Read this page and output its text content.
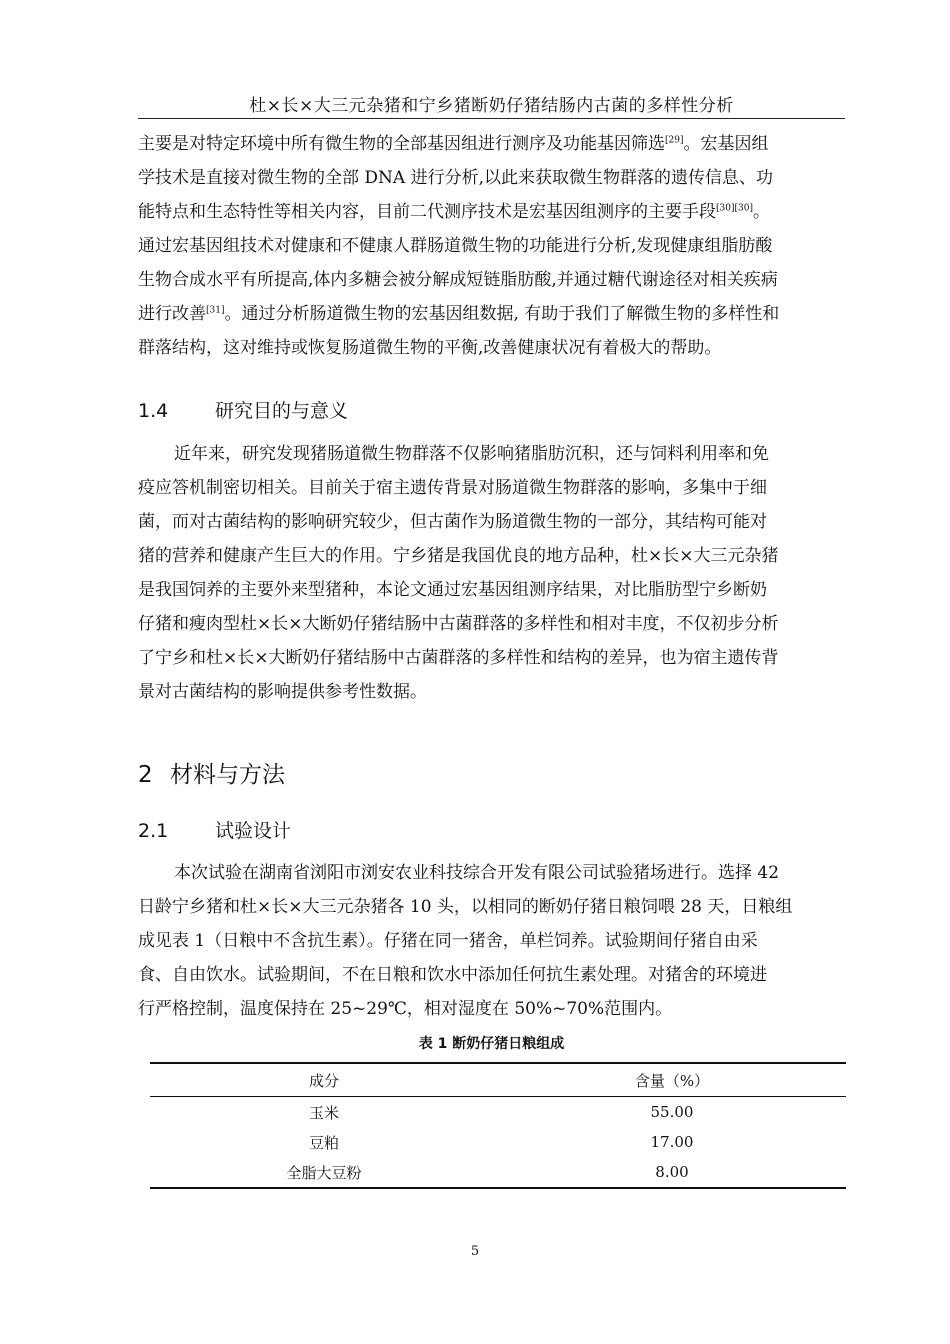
杜×长×大三元杂猪和宁乡猪断奶仔猪结肠内古菌的多样性分析
主要是对特定环境中所有微生物的全部基因组进行测序及功能基因筛选[29]。宏基因组
学技术是直接对微生物的全部 DNA 进行分析,以此来获取微生物群落的遗传信息、功
能特点和生态特性等相关内容，目前二代测序技术是宏基因组测序的主要手段[30][30]。
通过宏基因组技术对健康和不健康人群肠道微生物的功能进行分析,发现健康组脂肪酸
生物合成水平有所提高,体内多糖会被分解成短链脂肪酸,并通过糖代谢途径对相关疾病
进行改善[31]。通过分析肠道微生物的宏基因组数据, 有助于我们了解微生物的多样性和
群落结构，这对维持或恢复肠道微生物的平衡,改善健康状况有着极大的帮助。
1.4 研究目的与意义
近年来，研究发现猪肠道微生物群落不仅影响猪脂肪沉积，还与饲料利用率和免
疫应答机制密切相关。目前关于宿主遗传背景对肠道微生物群落的影响，多集中于细
菌，而对古菌结构的影响研究较少，但古菌作为肠道微生物的一部分，其结构可能对
猪的营养和健康产生巨大的作用。宁乡猪是我国优良的地方品种，杜×长×大三元杂猪
是我国饲养的主要外来型猪种，本论文通过宏基因组测序结果，对比脂肪型宁乡断奶
仔猪和瘦肉型杜×长×大断奶仔猪结肠中古菌群落的多样性和相对丰度，不仅初步分析
了宁乡和杜×长×大断奶仔猪结肠中古菌群落的多样性和结构的差异，也为宿主遗传背
景对古菌结构的影响提供参考性数据。
2 材料与方法
2.1 试验设计
本次试验在湖南省浏阳市浏安农业科技综合开发有限公司试验猪场进行。选择 42
日龄宁乡猪和杜×长×大三元杂猪各 10 头，以相同的断奶仔猪日粮饲喂 28 天，日粮组
成见表 1（日粮中不含抗生素）。仔猪在同一猪舍，单栏饲养。试验期间仔猪自由采
食、自由饮水。试验期间，不在日粮和饮水中添加任何抗生素处理。对猪舍的环境进
行严格控制，温度保持在 25~29℃，相对湿度在 50%~70%范围内。
表 1 断奶仔猪日粮组成
成分	含量（%）
玉米	55.00
豆粕	17.00
全脂大豆粉	8.00
5
